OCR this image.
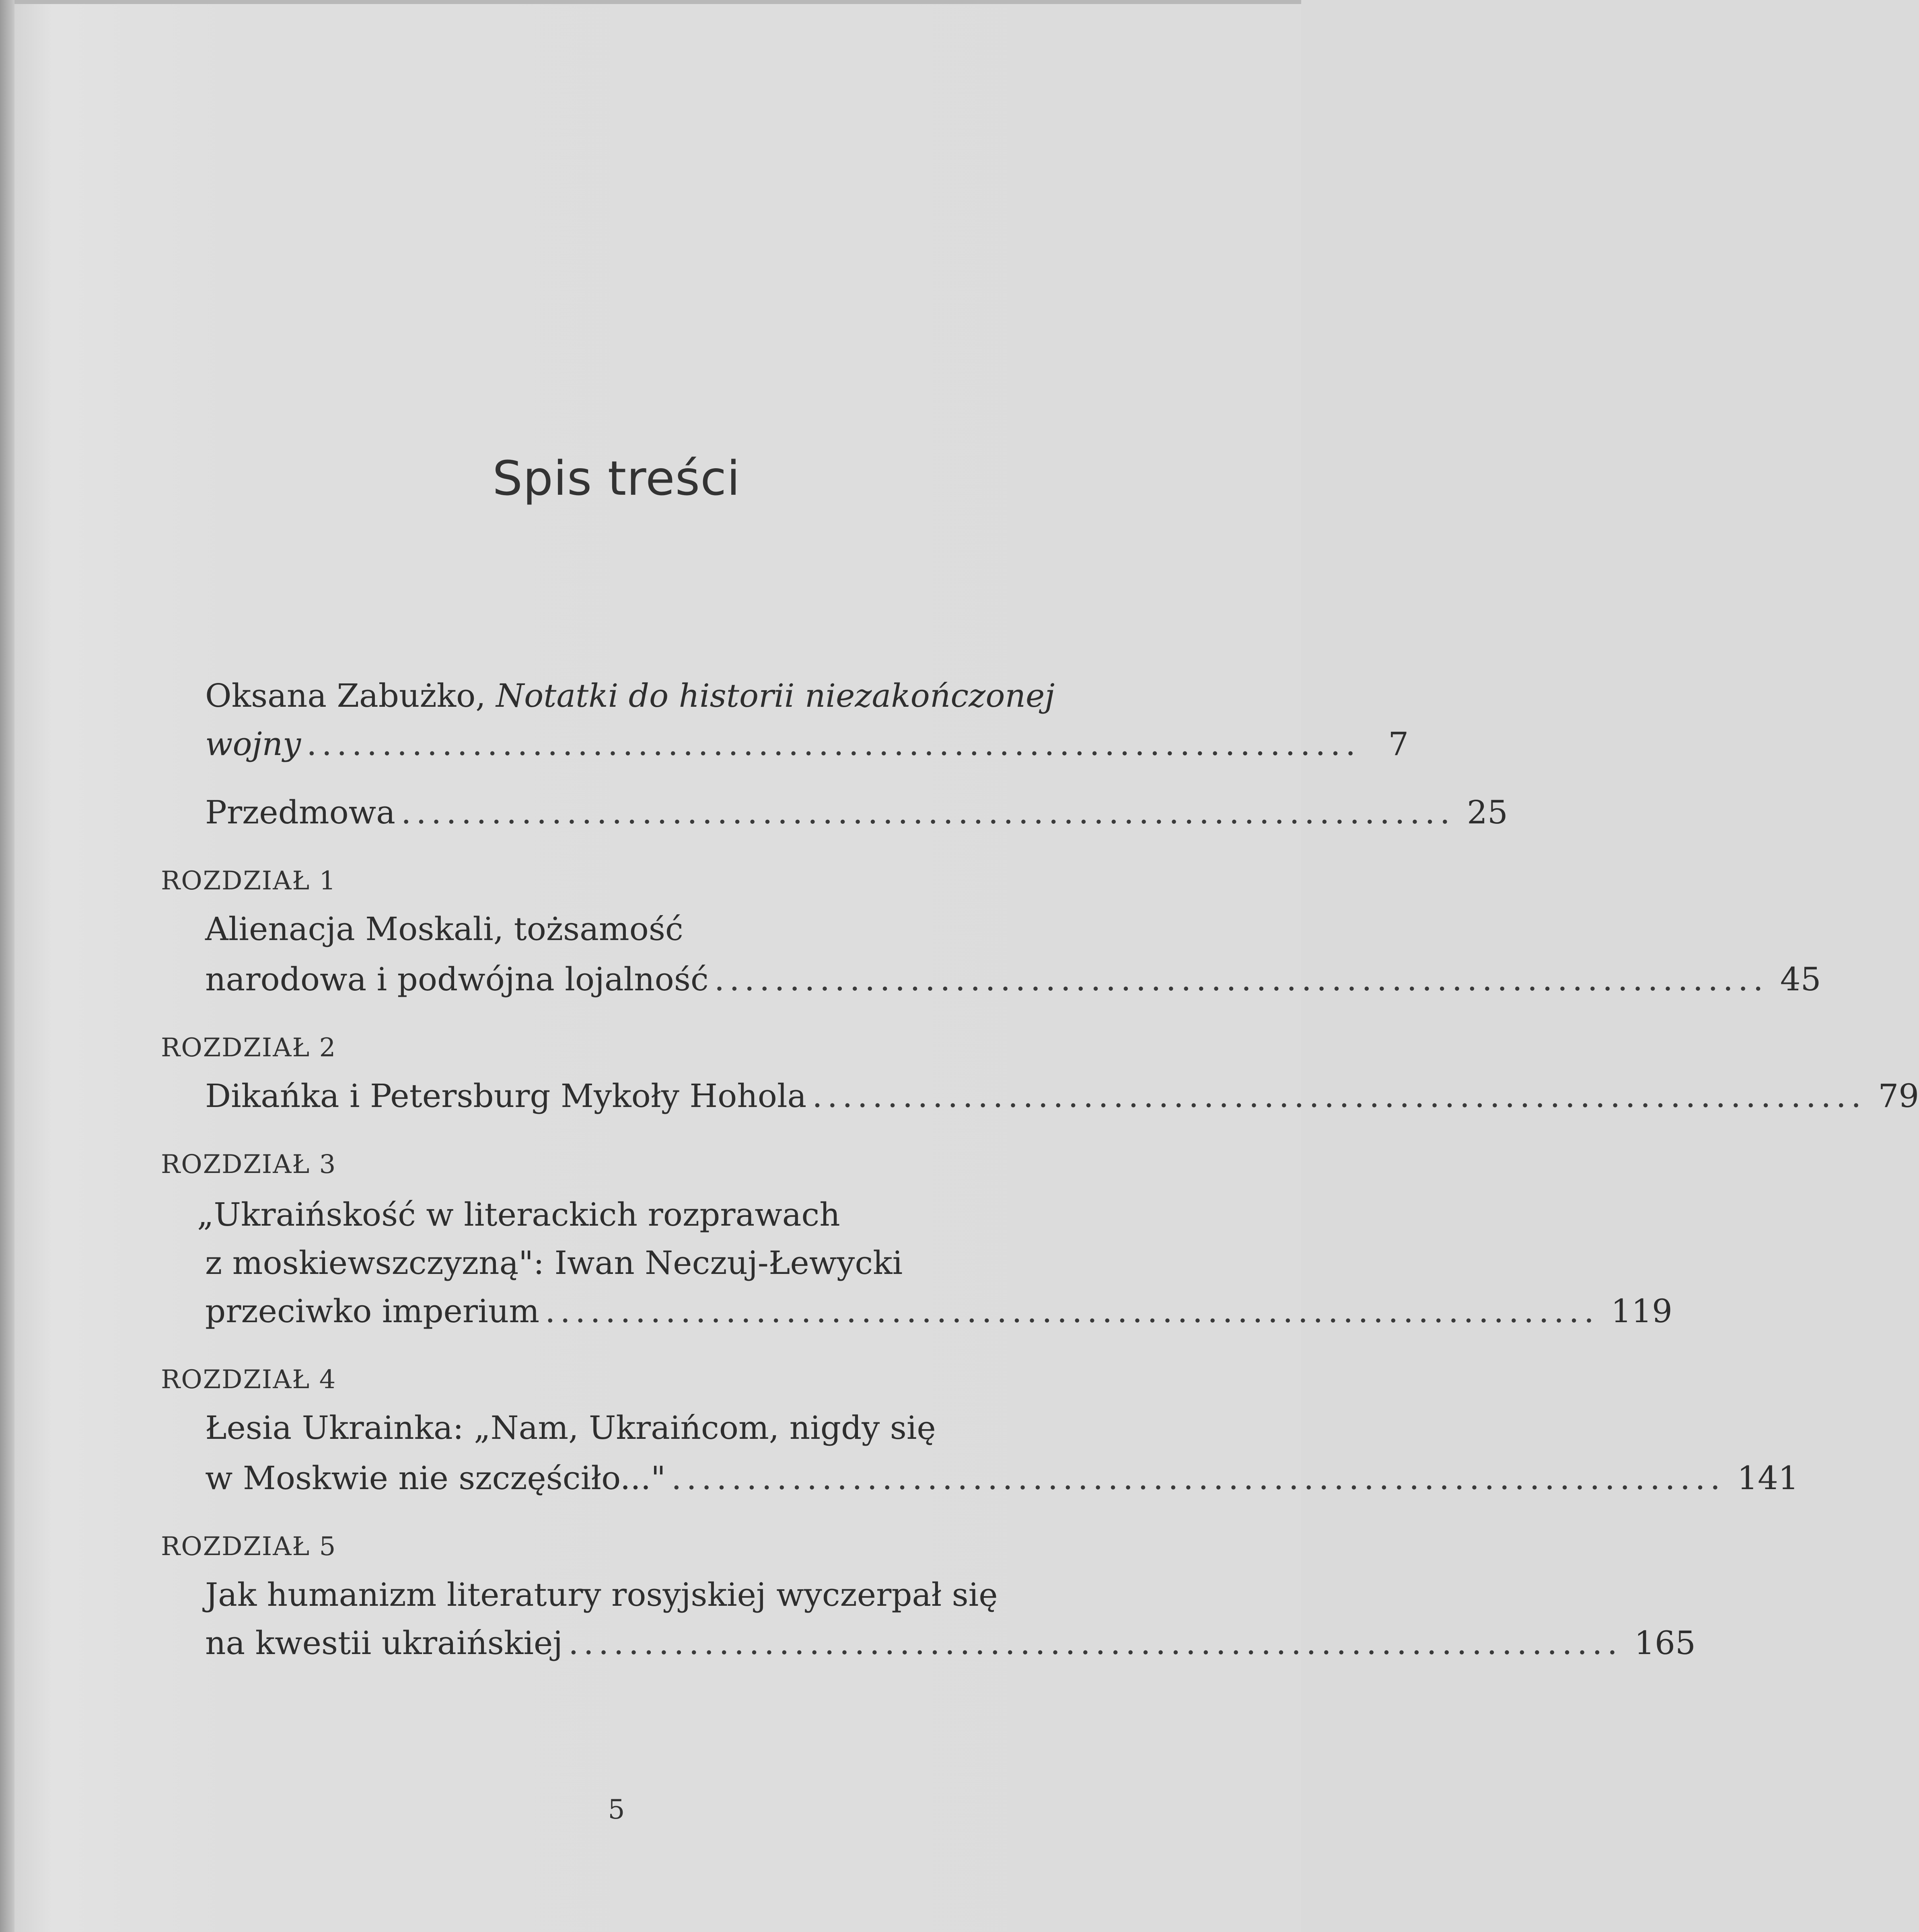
Spis treści
Oksana Zabużko, Notatki do historii niezakończonej
wojny ...................................................................... 7
Przedmowa ...................................................................... 25
ROZDZIAŁ 1
Alienacja Moskali, tożsamość
narodowa i podwójna lojalność ...................................................................... 45
ROZDZIAŁ 2
Dikańka i Petersburg Mykoły Hohola ...................................................................... 79
ROZDZIAŁ 3
„Ukraińskość w literackich rozprawach
z moskiewszczyzną": Iwan Neczuj-Łewycki
przeciwko imperium ...................................................................... 119
ROZDZIAŁ 4
Łesia Ukrainka: „Nam, Ukraińcom, nigdy się
w Moskwie nie szczęściło..." ...................................................................... 141
ROZDZIAŁ 5
Jak humanizm literatury rosyjskiej wyczerpał się
na kwestii ukraińskiej ...................................................................... 165
5
